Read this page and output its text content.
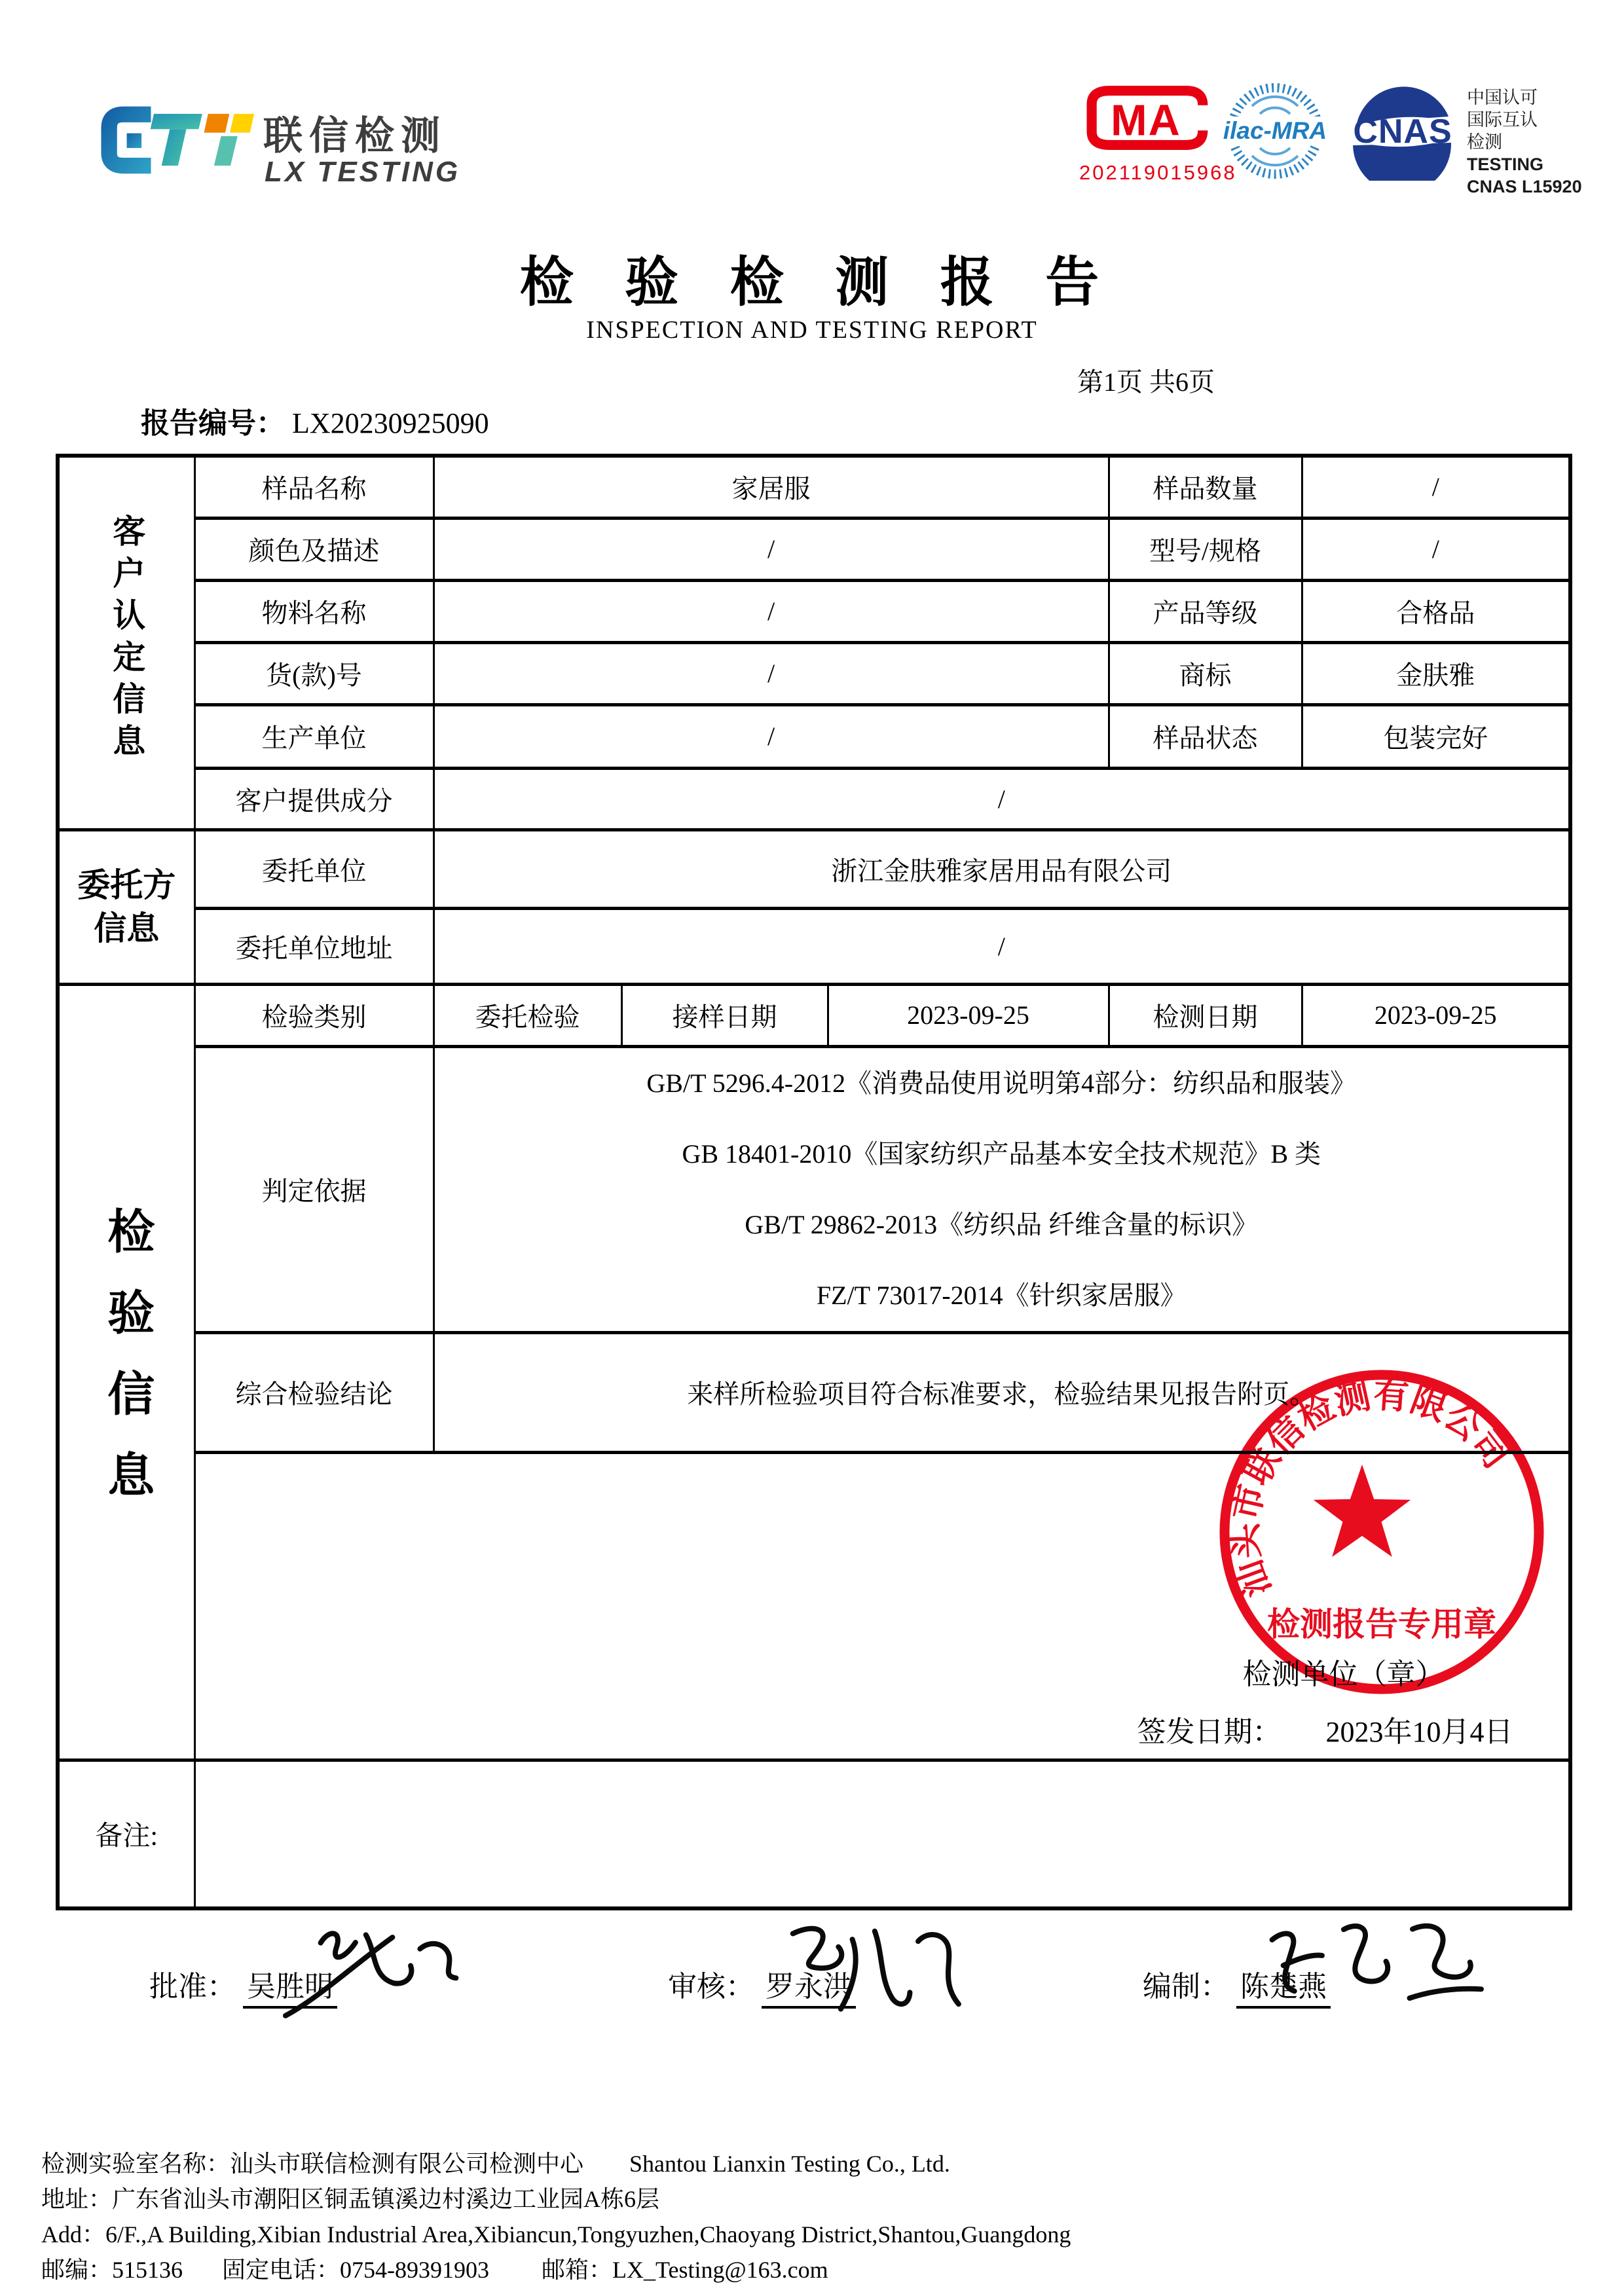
联信检测
LX TESTING
MA
202119015968
ilac-MRA CNAS
中国认可
国际互认
检测
TESTING
CNAS L15920
检 验 检 测 报 告
INSPECTION AND TESTING REPORT
第1页 共6页
报告编号： LX20230925090
客户认定信息	样品名称	家居服			样品数量	/
	颜色及描述	/			型号/规格	/
	物料名称	/			产品等级	合格品
	货(款)号	/			商标	金肤雅
	生产单位	/			样品状态	包装完好
	客户提供成分	/				

委托方
信息	委托单位	浙江金肤雅家居用品有限公司				
	委托单位地址	/				
检验信息	检验类别	委托检验	接样日期	2023-09-25	检测日期	2023-09-25
	判定依据	GB/T 5296.4-2012《消费品使用说明第4部分：纺织品和服装》
GB 18401-2010《国家纺织产品基本安全技术规范》B 类
GB/T 29862-2013《纺织品 纤维含量的标识》
FZ/T 73017-2014《针织家居服》				

	综合检验结论	来样所检验项目符合标准要求，检验结果见报告附页。				

	检测单位（章）
签发日期： 2023年10月4日					

备注:						
汕头市联信检测有限公司
检测报告专用章
批准： 吴胜明	审核： 罗永洪	编制： 陈楚燕
检测实验室名称：汕头市联信检测有限公司检测中心 Shantou Lianxin Testing Co., Ltd.
地址：广东省汕头市潮阳区铜盂镇溪边村溪边工业园A栋6层
Add：6/F.,A Building,Xibian Industrial Area,Xibiancun,Tongyuzhen,Chaoyang District,Shantou,Guangdong
邮编：515136 固定电话：0754-89391903 邮箱：LX_Testing@163.com
